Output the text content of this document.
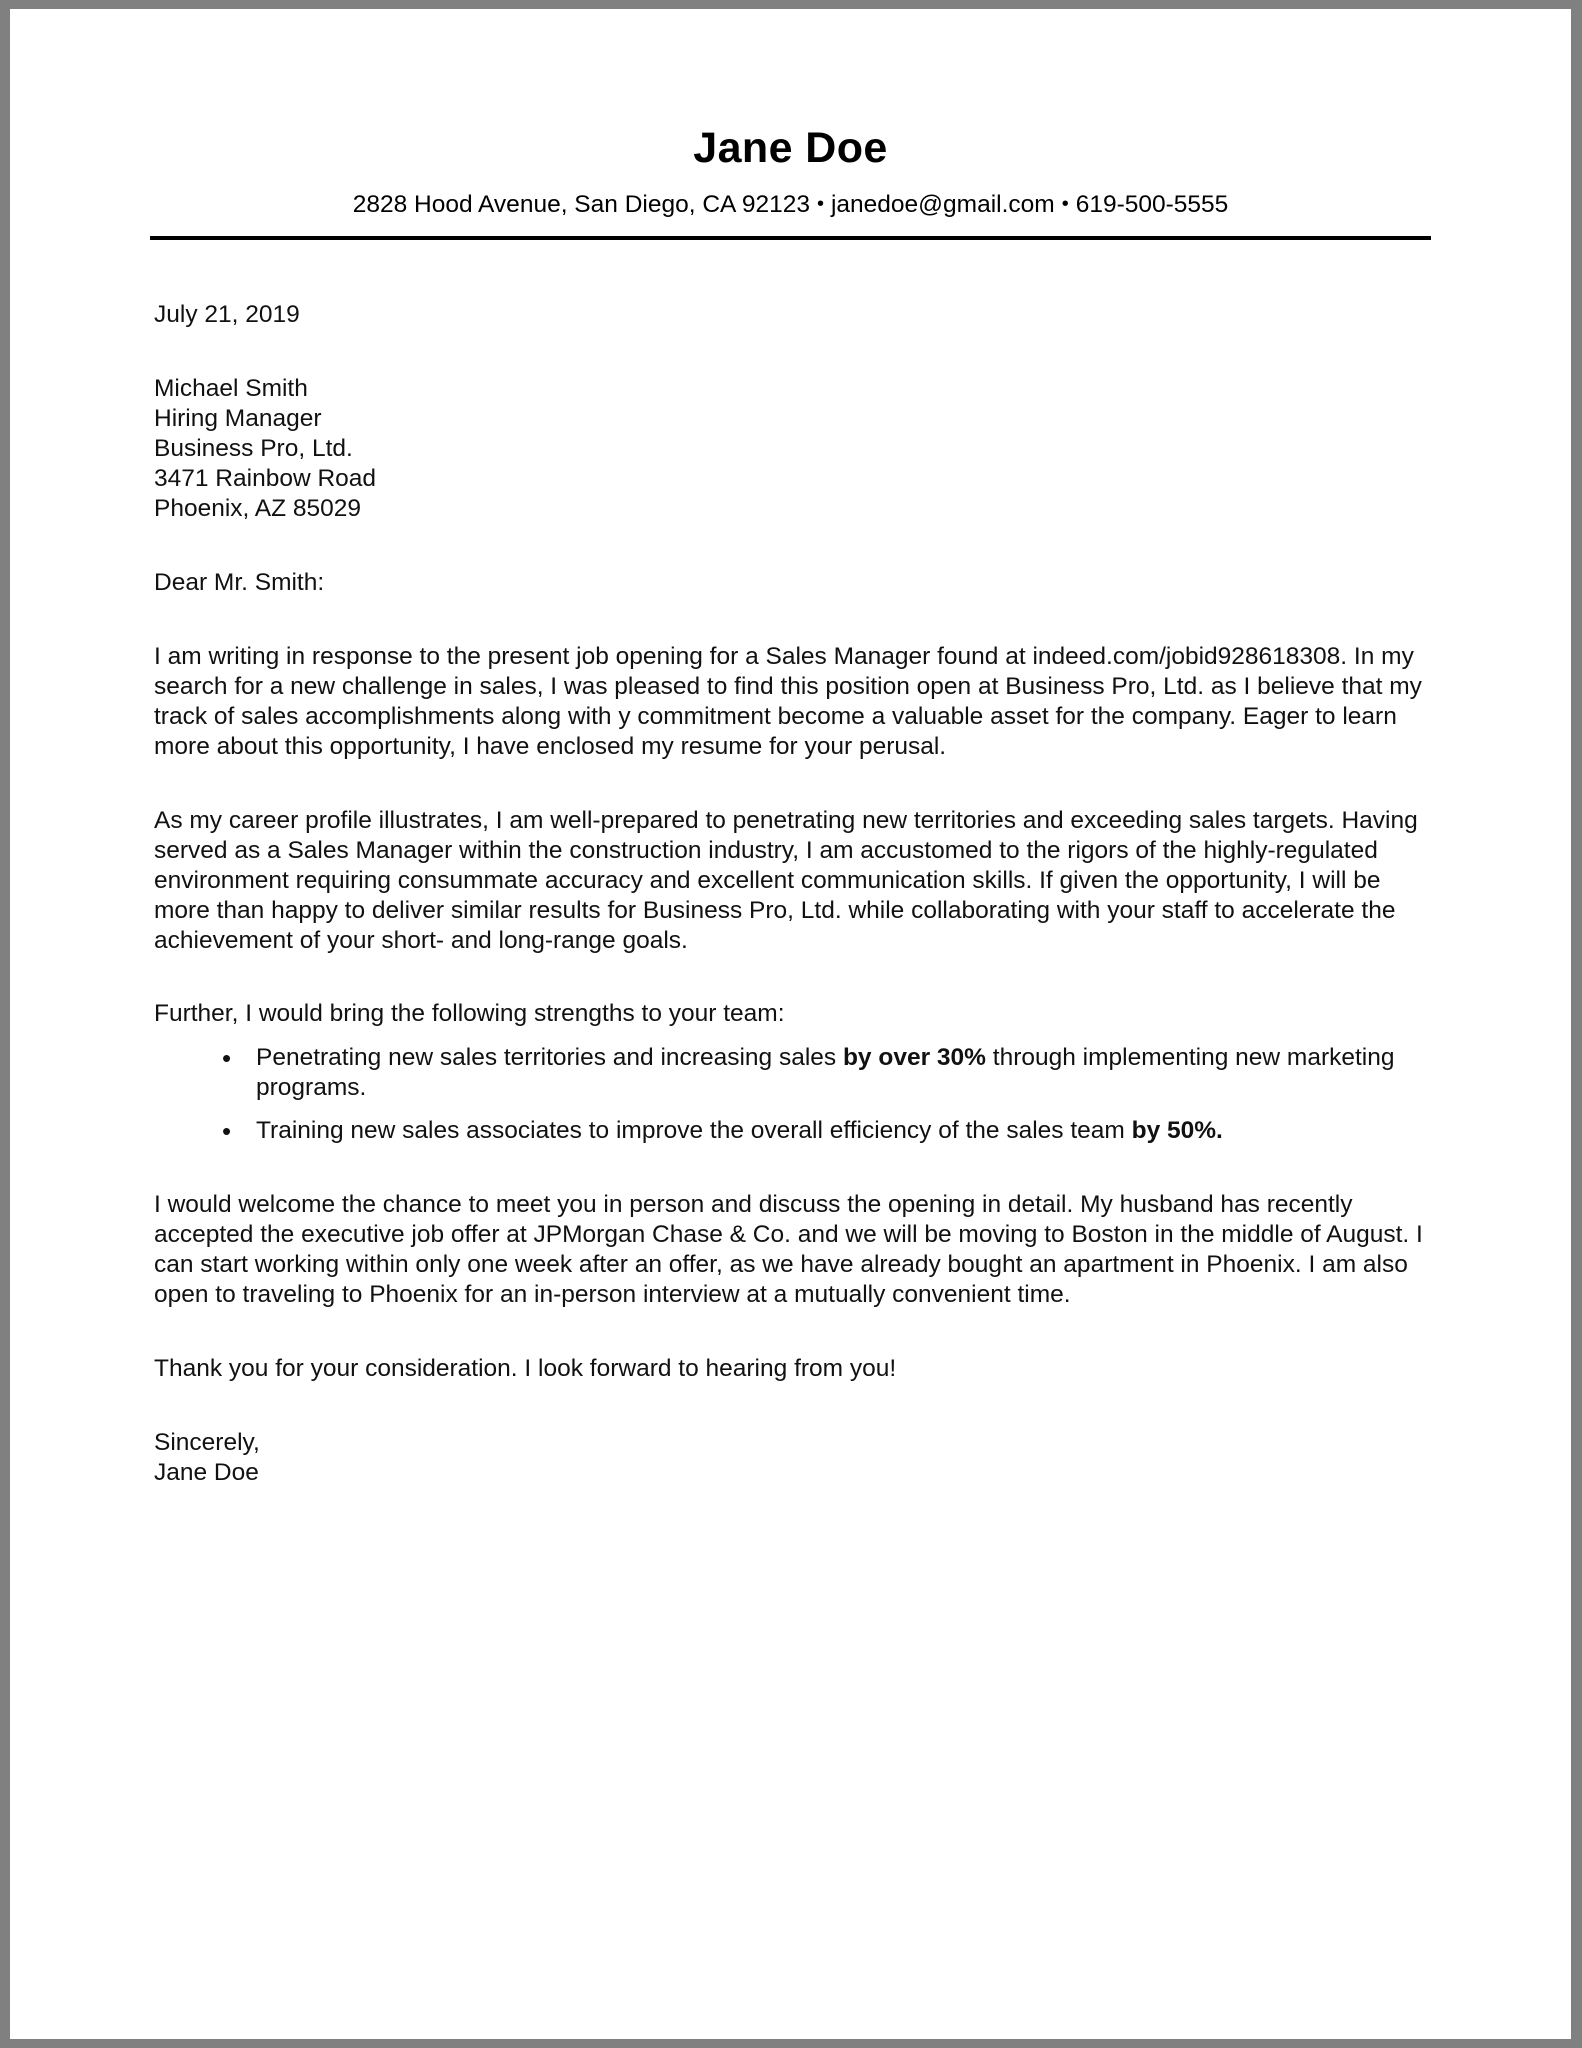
Jane Doe
2828 Hood Avenue, San Diego, CA 92123 • janedoe@gmail.com • 619-500-5555
July 21, 2019
Michael Smith
Hiring Manager
Business Pro, Ltd.
3471 Rainbow Road
Phoenix, AZ 85029
Dear Mr. Smith:
I am writing in response to the present job opening for a Sales Manager found at indeed.com/jobid928618308. In my search for a new challenge in sales, I was pleased to find this position open at Business Pro, Ltd. as I believe that my track of sales accomplishments along with y commitment become a valuable asset for the company. Eager to learn more about this opportunity, I have enclosed my resume for your perusal.
As my career profile illustrates, I am well-prepared to penetrating new territories and exceeding sales targets. Having served as a Sales Manager within the construction industry, I am accustomed to the rigors of the highly-regulated environment requiring consummate accuracy and excellent communication skills. If given the opportunity, I will be more than happy to deliver similar results for Business Pro, Ltd. while collaborating with your staff to accelerate the achievement of your short- and long-range goals.
Further, I would bring the following strengths to your team:
• Penetrating new sales territories and increasing sales by over 30% through implementing new marketing programs.
• Training new sales associates to improve the overall efficiency of the sales team by 50%.
I would welcome the chance to meet you in person and discuss the opening in detail. My husband has recently accepted the executive job offer at JPMorgan Chase & Co. and we will be moving to Boston in the middle of August. I can start working within only one week after an offer, as we have already bought an apartment in Phoenix. I am also open to traveling to Phoenix for an in-person interview at a mutually convenient time.
Thank you for your consideration. I look forward to hearing from you!
Sincerely,
Jane Doe
